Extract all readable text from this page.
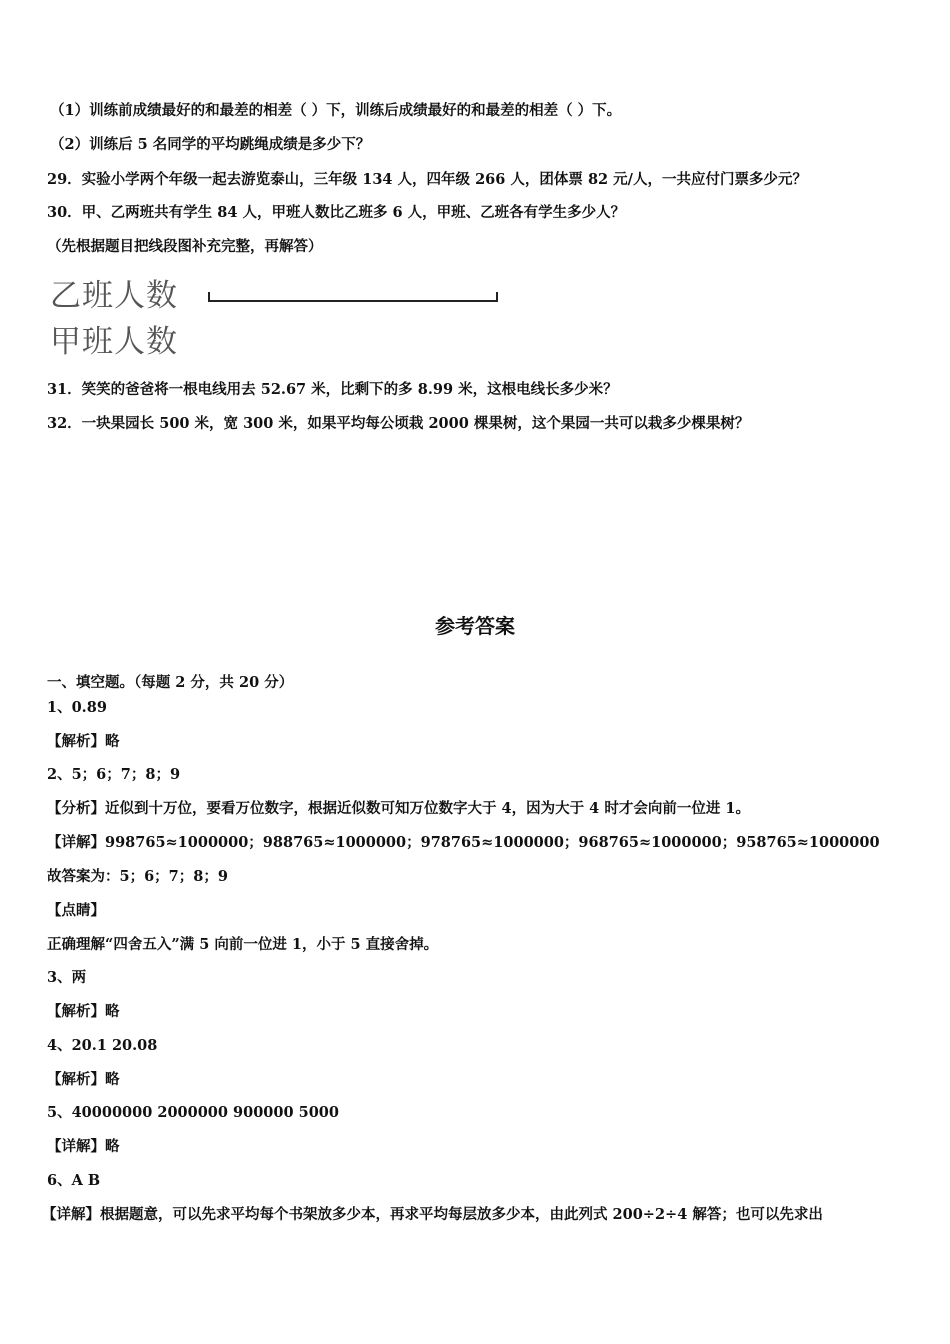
（1）训练前成绩最好的和最差的相差（ ）下，训练后成绩最好的和最差的相差（ ）下。
（2）训练后 5 名同学的平均跳绳成绩是多少下？
29．实验小学两个年级一起去游览泰山，三年级 134 人，四年级 266 人，团体票 82 元/人，一共应付门票多少元？
30．甲、乙两班共有学生 84 人，甲班人数比乙班多 6 人，甲班、乙班各有学生多少人？
（先根据题目把线段图补充完整，再解答）
乙班人数
甲班人数
31．笑笑的爸爸将一根电线用去 52.67 米，比剩下的多 8.99 米，这根电线长多少米？
32．一块果园长 500 米，宽 300 米，如果平均每公顷栽 2000 棵果树，这个果园一共可以栽多少棵果树？
参考答案
一、填空题。（每题 2 分，共 20 分）
1、0.89
【解析】略
2、5；6；7；8；9
【分析】近似到十万位，要看万位数字，根据近似数可知万位数字大于 4，因为大于 4 时才会向前一位进 1。
【详解】998765≈1000000；988765≈1000000；978765≈1000000；968765≈1000000；958765≈1000000
故答案为：5；6；7；8；9
【点睛】
正确理解“四舍五入”满 5 向前一位进 1，小于 5 直接舍掉。
3、两
【解析】略
4、20.1 20.08
【解析】略
5、40000000 2000000 900000 5000
【详解】略
6、A B
【详解】根据题意，可以先求平均每个书架放多少本，再求平均每层放多少本，由此列式 200÷2÷4 解答；也可以先求出
